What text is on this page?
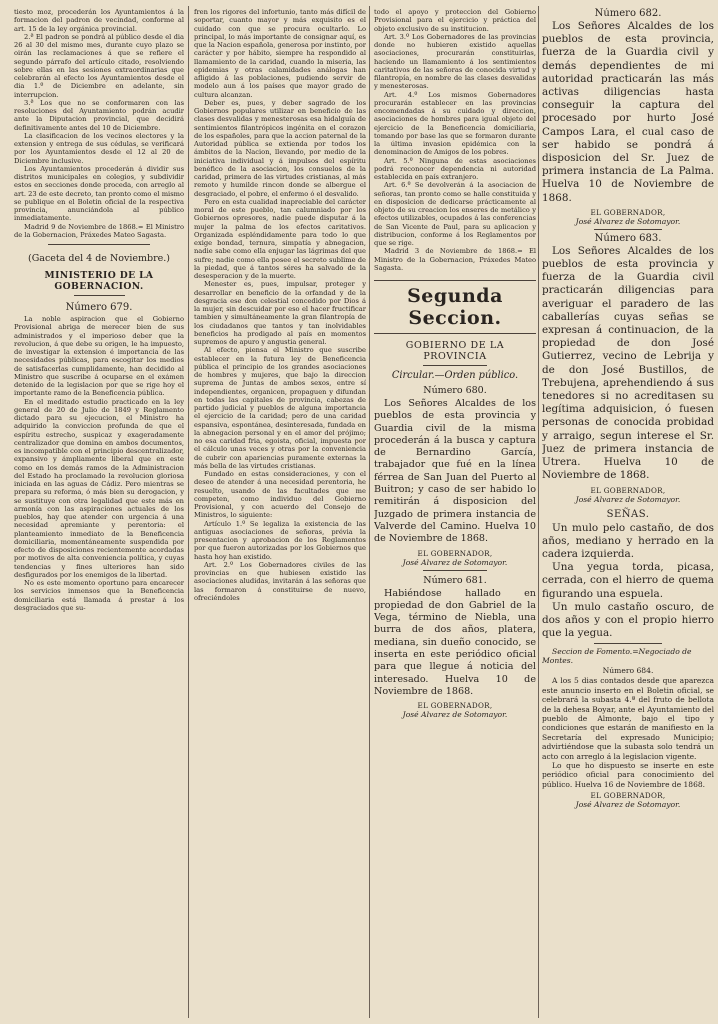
tiesto moz, procederán los Ayuntamientos á la formacion del padron de vecindad, conforme al art. 15 de la ley orgánica provincial.

2.ª El padron se pondrá al público desde el dia 26 al 30 del mismo mes, durante cuyo plazo se oirán las reclamaciones á que se refiere el segundo párrafo del artículo citado, resolviendo sobre ellas en las sesiones extraordinarias que celebrarán al efecto los Ayuntamientos desde el dia 1.º de Diciembre en adelante, sin interrupcion.

3.ª Los que no se conformaren con las resoluciones del Ayuntamiento podrán acudir ante la Diputacion provincial, que decidirá definitivamente antes del 10 de Diciembre.

La clasificacion de los vecinos electores y la extension y entrega de sus cédulas, se verificará por los Ayuntamientos desde el 12 al 20 de Diciembre inclusive.

Los Ayuntamientos procederán á dividir sus distritos municipales en colegios, y subdividir estos en secciones donde proceda, con arreglo al art. 23 de este decreto, tan pronto como el mismo se publique en el Boletin oficial de la respectiva provincia, anunciándola al público inmediatamente.

Madrid 9 de Noviembre de 1868.= El Ministro de la Gobernacion, Práxedes Mateo Sagasta.

(Gaceta del 4 de Noviembre.)

MINISTERIO DE LA GOBERNACION.

Número 679.

La noble aspiracion que el Gobierno Provisional abriga de merecer bien de sus administrados y el imperioso deber que la revolucion, á que debe su origen, le ha impuesto, de investigar la extension é importancia de las necesidades públicas, para escogitar los medios de satisfacerlas cumplidamente, han decidido al Ministro que suscribe á ocuparse en el exámen detenido de la legislacion por que se rige hoy el importante ramo de la Beneficencia pública.

En el meditado estudio practicado en la ley general de 20 de Julio de 1849 y Reglamento dictado para su ejecucion, el Ministro ha adquirido la conviccion profunda de que el espíritu estrecho, suspicaz y exageradamente centralizador que domina en ambos documentos, es incompatible con el principio descentralizador, expansivo y ámpliamente liberal que en este como en los demás ramos de la Administracion del Estado ha proclamado la revolucion gloriosa iniciada en las aguas de Cádiz. Pero mientras se prepara su reforma, ó más bien su derogacion, y se sustituye con otra legalidad que este más en armonía con las aspiraciones actuales de los pueblos, hay que atender con urgencia á una necesidad apremiante y perentoria: el planteamiento inmediato de la Beneficencia domiciliaria, momentáneamente suspendida por efecto de disposiciones recientemente acordadas por motivos de alta conveniencia política, y cuyas tendencias y fines ulteriores han sido desfigurados por los enemigos de la libertad.

No es este momento oportuno para encarecer los servicios inmensos que la Beneficencia domiciliaria está llamada á prestar á los desgraciados que su-

fren los rigores del infortunio, tanto más difícil de soportar, cuanto mayor y más exquisito es el cuidado con que se procura ocultarlo. Lo principal, lo más importante de consignar aquí, es que la Nacion española, generosa por instinto, por carácter y por hábito, siempre ha respondido al llamamiento de la caridad, cuando la miseria, las epidemias y otras calamidades análogas han afligido á las poblaciones, pudiendo servir de modelo aun á los países que mayor grado de cultura alcanzan.

Deber es, pues, y deber sagrado de los Gobiernos populares utilizar en beneficio de las clases desvalidas y menesterosas esa hidalguía de sentimientos filantrópicos ingénita en el corazon de los españoles, para que la accion paternal de la Autoridad pública se extienda por todos los ámbitos de la Nacion, llevando, por medio de la iniciativa individual y á impulsos del espíritu benéfico de la asociacion, los consuelos de la caridad, primera de las virtudes cristianas, al más remoto y humilde rincon donde se albergue el desgraciado, el pobre, el enfermo ó el desvalido.

Pero en esta cualidad inapreciable del carácter moral de este pueblo, tan calumniado por los Gobiernos opresores, nadie puede disputar á la mujer la palma de los efectos caritativos. Organizada espléndidamente para todo lo que exige bondad, ternura, simpatía y abnegacion, nadie sabe como ella enjugar las lágrimas del que sufre; nadie como ella posee el secreto sublime de la piedad, que á tantos séres ha salvado de la desesperacion y de la muerte.

Menester es, pues, impulsar, proteger y desarrollar en beneficio de la orfandad y de la desgracia ese don celestial concedido por Dios á la mujer, sin descuidar por eso el hacer fructificar tambien y simultáneamente la gran filantropía de los ciudadanos que tantos y tan inolvidables beneficios ha prodigado al país en momentos supremos de apuro y angustia general.

Al efecto, piensa el Ministro que suscribe establecer en la futura ley de Beneficencia pública el principio de los grandes asociaciones de hombres y mujeres, que bajo la direccion suprema de Juntas de ambos sexos, entre sí independientes, organicen, propaguen y difundan en todas las capitales de provincia, cabezas de partido judicial y pueblos de alguna importancia el ejercicio de la caridad; pero de una caridad espansiva, espontánea, desinteresada, fundada en la abnegacion personal y en el amor del prójimo; no esa caridad fria, egoista, oficial, impuesta por el cálculo unas veces y otras por la conveniencia de cubrir con apariencias puramente externas la más bella de las virtudes cristianas.

Fundado en estas consideraciones, y con el deseo de atender á una necesidad perentoria, he resuelto, usando de las facultades que me competen, como individuo del Gobierno Provisional, y con acuerdo del Consejo de Ministros, lo siguiente:

Artículo 1.º Se legaliza la existencia de las antiguas asociaciones de señoras, prévia la presentacion y aprobacion de los Reglamentos por que fueron autorizadas por los Gobiernos que hasta hoy han existido.

Art. 2.º Los Gobernadores civiles de las provincias en que hubiesen existido las asociaciones aludidas, invitarán á las señoras que las formaron á constituirse de nuevo, ofreciéndoles

todo el apoyo y proteccion del Gobierno Provisional para el ejercicio y práctica del objeto exclusivo de su institucion.

Art. 3.º Los Gobernadores de las provincias donde no hubieren existido aquellas asociaciones, procurarán constituirlas, haciendo un llamamiento á los sentimientos caritativos de las señoras de conocida virtud y filantropía, en nombre de las clases desvalidas y menesterosas.

Art. 4.º Los mismos Gobernadores procurarán establecer en las provincias encomendadas á su cuidado y direccion, asociaciones de hombres para igual objeto del ejercicio de la Beneficencia domiciliaria, tomando por base las que se formaron durante la última invasion epidémica con la denominacion de Amigos de los pobres.

Art. 5.º Ninguna de estas asociaciones podrá reconocer dependencia ni autoridad establecida en país extranjero.

Art. 6.º Se devolverán á la asociacion de señoras, tan pronto como se halle constituida y en disposicion de dedicarse prácticamente al objeto de su creacion los enseres de metálico y efectos utilizables, ocupados á las conferencias de San Vicente de Paul, para su aplicacion y distribucion, conforme á los Reglamentos por que se rige.

Madrid 3 de Noviembre de 1868.= El Ministro de la Gobernacion, Práxedes Mateo Sagasta.

Segunda Seccion.

GOBIERNO DE LA PROVINCIA

Circular.—Orden público.

Número 680.

Los Señores Alcaldes de los pueblos de esta provincia y Guardia civil de la misma procederán á la busca y captura de Bernardino García, trabajador que fué en la línea férrea de San Juan del Puerto al Buitron; y caso de ser habido lo remitirán á disposicion del Juzgado de primera instancia de Valverde del Camino. Huelva 10 de Noviembre de 1868.

EL GOBERNADOR,

José Alvarez de Sotomayor.

Número 681.

Habiéndose hallado en propiedad de don Gabriel de la Vega, término de Niebla, una burra de dos años, platera, mediana, sin dueño conocido, se inserta en este periódico oficial para que llegue á noticia del interesado. Huelva 10 de Noviembre de 1868.

EL GOBERNADOR,

José Alvarez de Sotomayor.

Número 682.

Los Señores Alcaldes de los pueblos de esta provincia, fuerza de la Guardia civil y demás dependientes de mi autoridad practicarán las más activas diligencias hasta conseguir la captura del procesado por hurto José Campos Lara, el cual caso de ser habido se pondrá á disposicion del Sr. Juez de primera instancia de La Palma. Huelva 10 de Noviembre de 1868.

EL GOBERNADOR,

José Alvarez de Sotomayor.

Número 683.

Los Señores Alcaldes de los pueblos de esta provincia y fuerza de la Guardia civil practicarán diligencias para averiguar el paradero de las caballerías cuyas señas se expresan á continuacion, de la propiedad de don José Gutierrez, vecino de Lebrija y de don José Bustillos, de Trebujena, aprehendiendo á sus tenedores si no acreditasen su legítima adquisicion, ó fuesen personas de conocida probidad y arraigo, segun interese el Sr. Juez de primera instancia de Utrera. Huelva 10 de Noviembre de 1868.

EL GOBERNADOR,

José Alvarez de Sotomayor.

SEÑAS.

Un mulo pelo castaño, de dos años, mediano y herrado en la cadera izquierda.

Una yegua torda, picasa, cerrada, con el hierro de quema figurando una espuela.

Un mulo castaño oscuro, de dos años y con el propio hierro que la yegua.

Seccion de Fomento.=Negociado de Montes.

Número 684.

A los 5 dias contados desde que aparezca este anuncio inserto en el Boletin oficial, se celebrará la subasta 4.ª del fruto de bellota de la dehesa Boyar, ante el Ayuntamiento del pueblo de Almonte, bajo el tipo y condiciones que estarán de manifiesto en la Secretaría del expresado Municipio; advirtiéndose que la subasta solo tendrá un acto con arreglo á la legislacion vigente.

Lo que ho dispuesto se inserte en este periódico oficial para conocimiento del público. Huelva 16 de Noviembre de 1868.

EL GOBERNADOR,

José Alvarez de Sotomayor.
